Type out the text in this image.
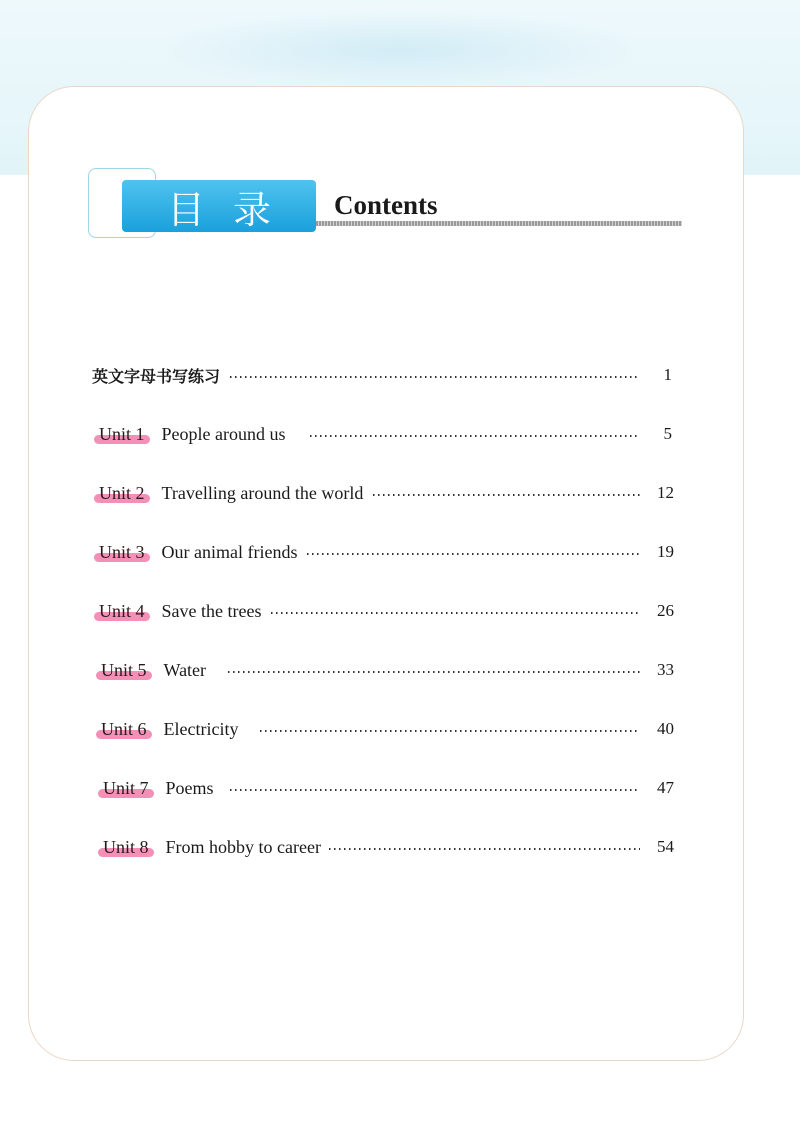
目录	Contents
英文字母书写练习	1
Unit 1 People around us	5
Unit 2 Travelling around the world	12
Unit 3 Our animal friends	19
Unit 4 Save the trees	26
Unit 5 Water	33
Unit 6 Electricity	40
Unit 7 Poems	47
Unit 8 From hobby to career	54
